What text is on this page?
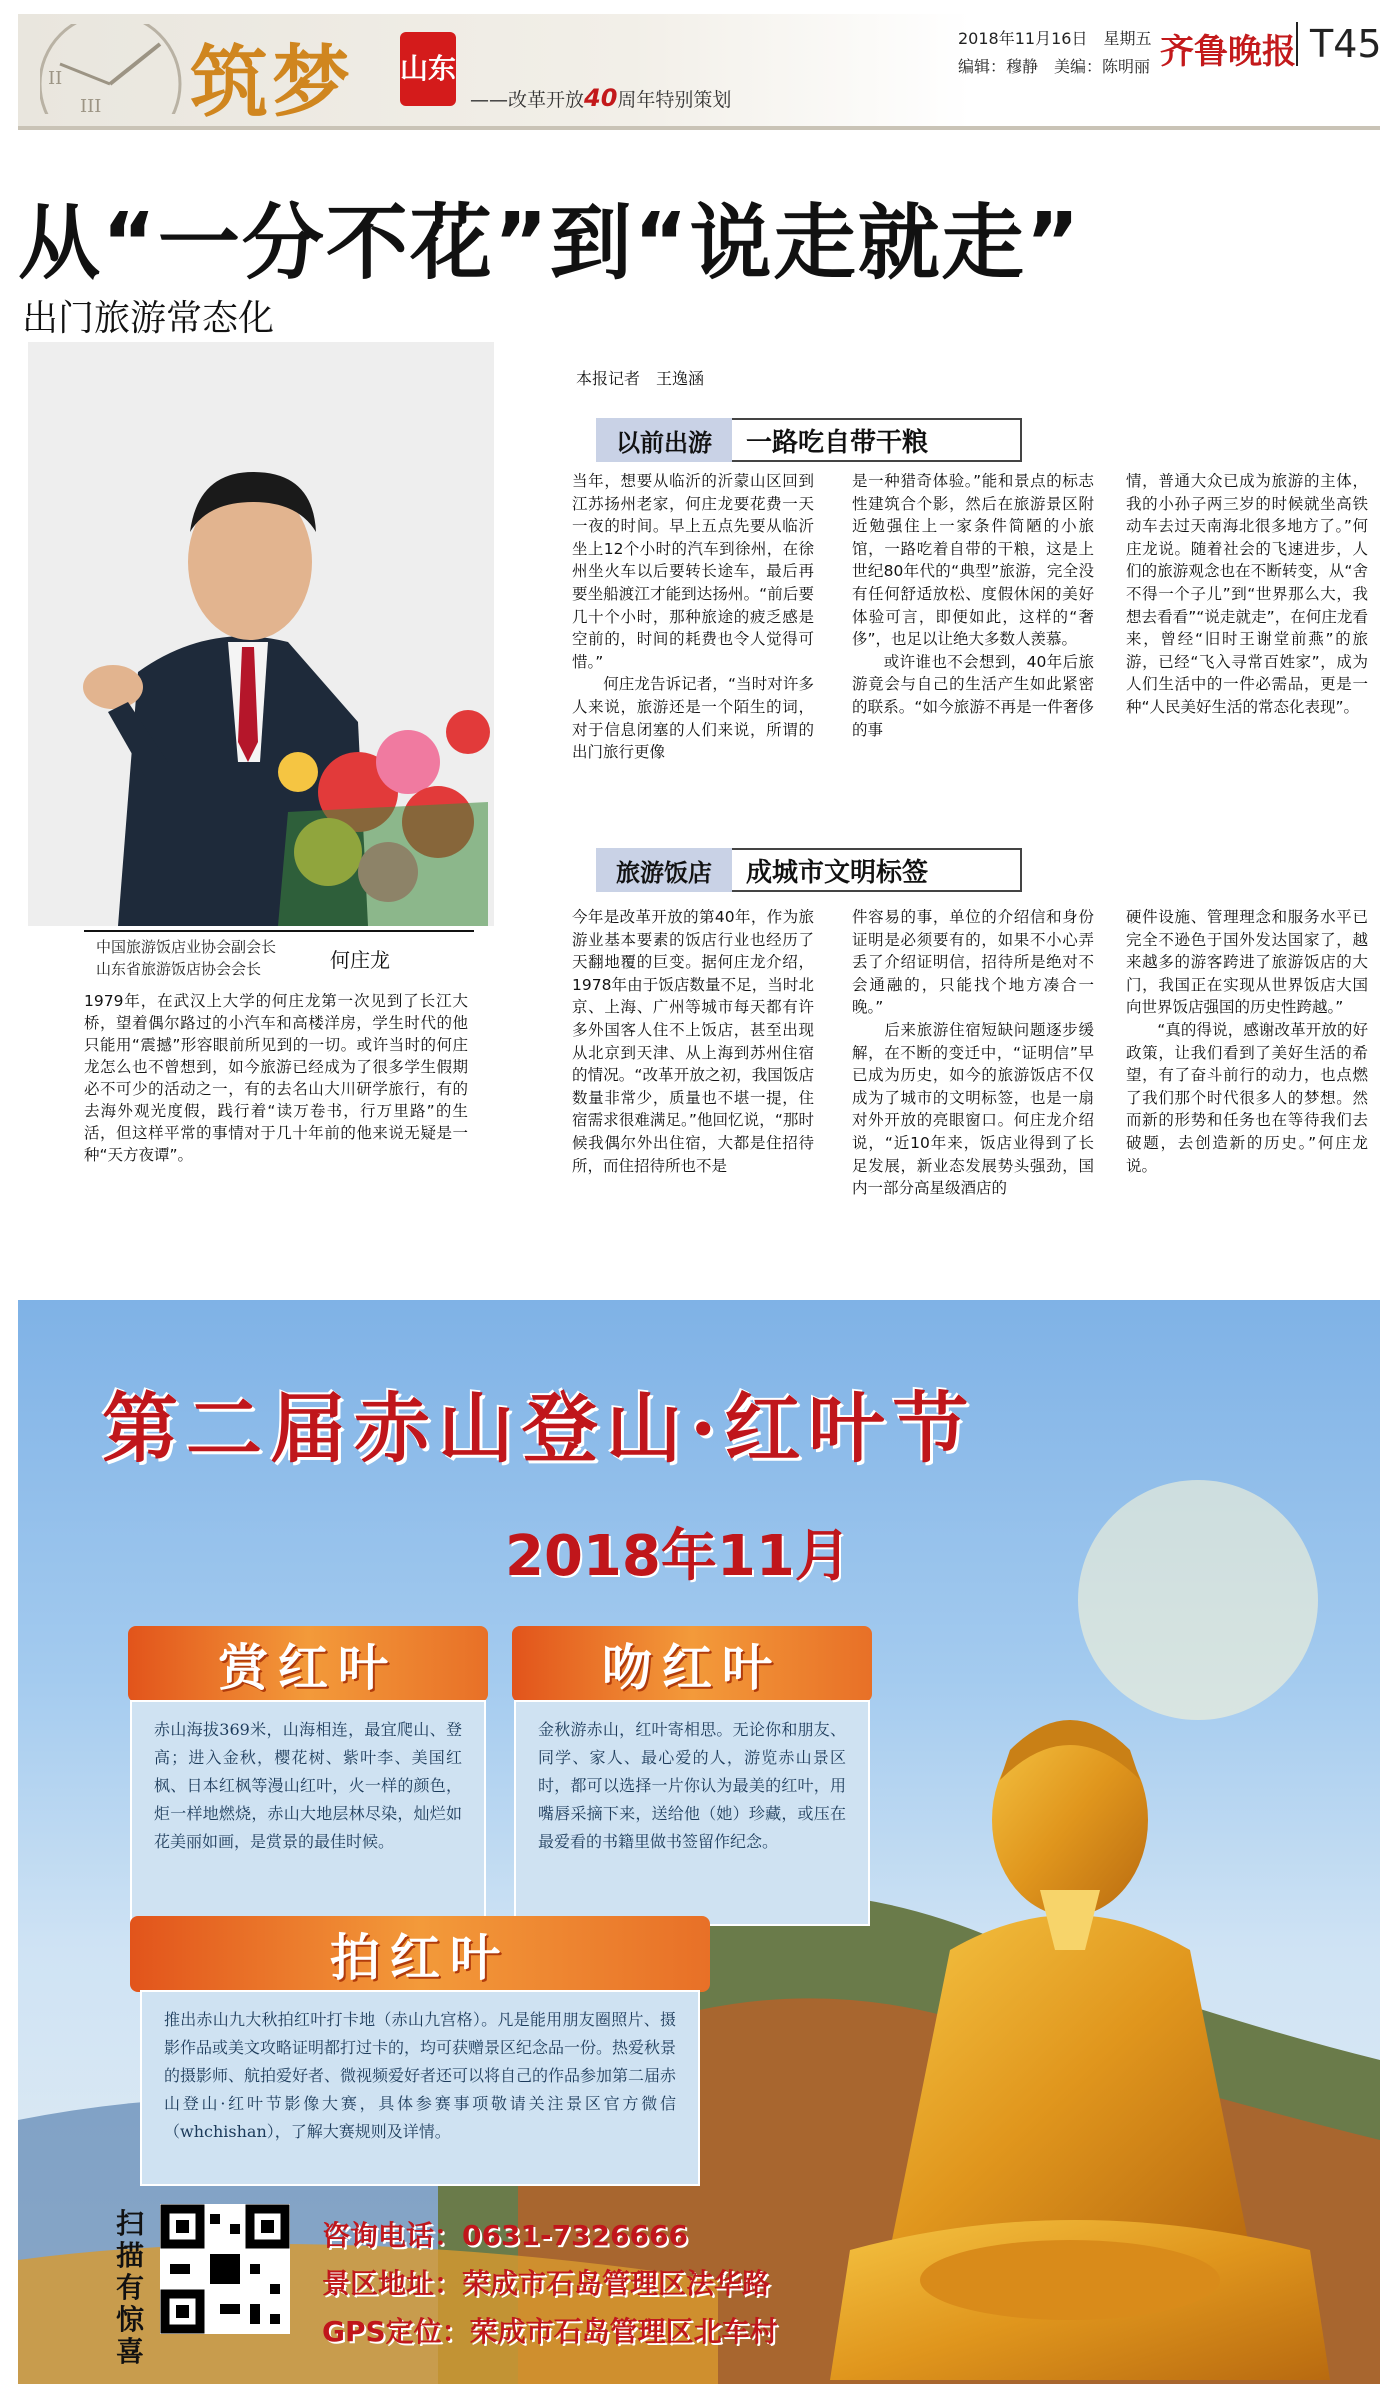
II
III 筑梦 山东
——改革开放40周年特别策划
2018年11月16日　 星期五
编辑：穆静　 美编：陈明丽 齐鲁晚报 T45
从“一分不花”到“说走就走”
出门旅游常态化
中国旅游饭店业协会副会长
山东省旅游饭店协会会长	何庄龙
1979年，在武汉上大学的何庄龙第一次见到了长江大桥，望着偶尔路过的小汽车和高楼洋房，学生时代的他只能用“震撼”形容眼前所见到的一切。或许当时的何庄龙怎么也不曾想到，如今旅游已经成为了很多学生假期必不可少的活动之一，有的去名山大川研学旅行，有的去海外观光度假，践行着“读万卷书，行万里路”的生活，但这样平常的事情对于几十年前的他来说无疑是一种“天方夜谭”。
本报记者　王逸涵
以前出游	一路吃自带干粮
当年，想要从临沂的沂蒙山区回到江苏扬州老家，何庄龙要花费一天一夜的时间。早上五点先要从临沂坐上12个小时的汽车到徐州，在徐州坐火车以后要转长途车，最后再要坐船渡江才能到达扬州。“前后要几十个小时，那种旅途的疲乏感是空前的，时间的耗费也令人觉得可惜。”
　　何庄龙告诉记者，“当时对许多人来说，旅游还是一个陌生的词，对于信息闭塞的人们来说，所谓的出门旅行更像
是一种猎奇体验。”能和景点的标志性建筑合个影，然后在旅游景区附近勉强住上一家条件简陋的小旅馆，一路吃着自带的干粮，这是上世纪80年代的“典型”旅游，完全没有任何舒适放松、度假休闲的美好体验可言，即便如此，这样的“奢侈”，也足以让绝大多数人羡慕。
　　或许谁也不会想到，40年后旅游竟会与自己的生活产生如此紧密的联系。“如今旅游不再是一件奢侈的事
情，普通大众已成为旅游的主体，我的小孙子两三岁的时候就坐高铁动车去过天南海北很多地方了。”何庄龙说。随着社会的飞速进步，人们的旅游观念也在不断转变，从“舍不得一个子儿”到“世界那么大，我想去看看”“说走就走”，在何庄龙看来，曾经“旧时王谢堂前燕”的旅游，已经“飞入寻常百姓家”，成为人们生活中的一件必需品，更是一种“人民美好生活的常态化表现”。
旅游饭店	成城市文明标签
今年是改革开放的第40年，作为旅游业基本要素的饭店行业也经历了天翻地覆的巨变。据何庄龙介绍，1978年由于饭店数量不足，当时北京、上海、广州等城市每天都有许多外国客人住不上饭店，甚至出现从北京到天津、从上海到苏州住宿的情况。“改革开放之初，我国饭店数量非常少，质量也不堪一提，住宿需求很难满足。”他回忆说，“那时候我偶尔外出住宿，大都是住招待所，而住招待所也不是
件容易的事，单位的介绍信和身份证明是必须要有的，如果不小心弄丢了介绍证明信，招待所是绝对不会通融的，只能找个地方凑合一晚。”
　　后来旅游住宿短缺问题逐步缓解，在不断的变迁中，“证明信”早已成为历史，如今的旅游饭店不仅成为了城市的文明标签，也是一扇对外开放的亮眼窗口。何庄龙介绍说，“近10年来，饭店业得到了长足发展，新业态发展势头强劲，国内一部分高星级酒店的
硬件设施、管理理念和服务水平已完全不逊色于国外发达国家了，越来越多的游客跨进了旅游饭店的大门，我国正在实现从世界饭店大国向世界饭店强国的历史性跨越。”
　　“真的得说，感谢改革开放的好政策，让我们看到了美好生活的希望，有了奋斗前行的动力，也点燃了我们那个时代很多人的梦想。然而新的形势和任务也在等待我们去破题，去创造新的历史。”何庄龙说。
第二届赤山登山·红叶节
2018年11月
赏红叶
赤山海拔369米，山海相连，最宜爬山、登高；进入金秋，樱花树、紫叶李、美国红枫、日本红枫等漫山红叶，火一样的颜色，炬一样地燃烧，赤山大地层林尽染，灿烂如花美丽如画，是赏景的最佳时候。
吻红叶
金秋游赤山，红叶寄相思。无论你和朋友、同学、家人、最心爱的人，游览赤山景区时，都可以选择一片你认为最美的红叶，用嘴唇采摘下来，送给他（她）珍藏，或压在最爱看的书籍里做书签留作纪念。
拍红叶
推出赤山九大秋拍红叶打卡地（赤山九宫格）。凡是能用朋友圈照片、摄影作品或美文攻略证明都打过卡的，均可获赠景区纪念品一份。热爱秋景的摄影师、航拍爱好者、微视频爱好者还可以将自己的作品参加第二届赤山登山·红叶节影像大赛，具体参赛事项敬请关注景区官方微信（whchishan），了解大赛规则及详情。
扫描有惊喜
咨询电话：0631-7326666
景区地址：荣成市石岛管理区法华路
GPS定位：荣成市石岛管理区北车村
